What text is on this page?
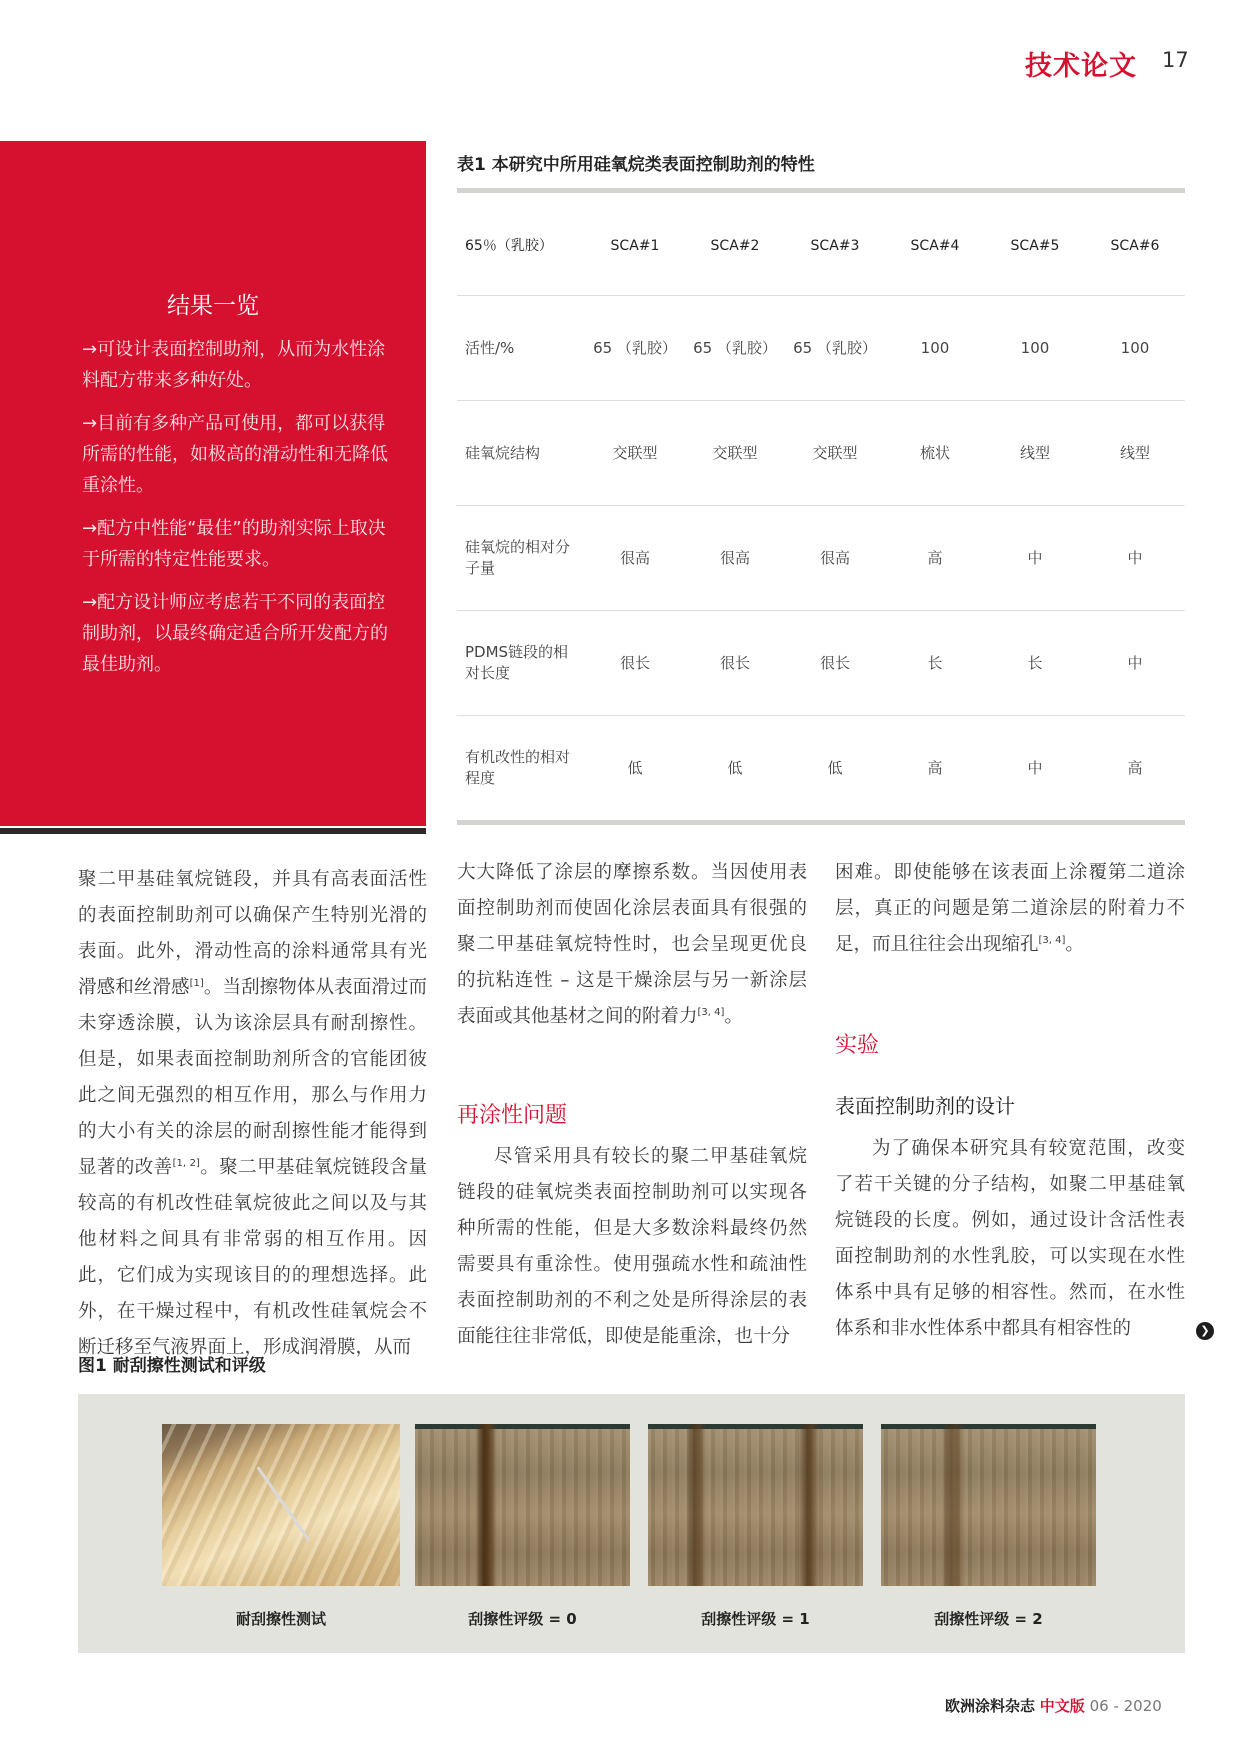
技术论文 17
结果一览
→可设计表面控制助剂，从而为水性涂料配方带来多种好处。
→目前有多种产品可使用，都可以获得所需的性能，如极高的滑动性和无降低重涂性。
→配方中性能“最佳”的助剂实际上取决于所需的特定性能要求。
→配方设计师应考虑若干不同的表面控制助剂，以最终确定适合所开发配方的最佳助剂。
表1 本研究中所用硅氧烷类表面控制助剂的特性
65％（乳胶）	SCA#1	SCA#2	SCA#3	SCA#4	SCA#5	SCA#6
活性/%	65 （乳胶）	65 （乳胶）	65 （乳胶）	100	100	100
硅氧烷结构	交联型	交联型	交联型	梳状	线型	线型
硅氧烷的相对分子量	很高	很高	很高	高	中	中
PDMS链段的相对长度	很长	很长	很长	长	长	中
有机改性的相对程度	低	低	低	高	中	高

聚二甲基硅氧烷链段，并具有高表面活性的表面控制助剂可以确保产生特别光滑的表面。此外，滑动性高的涂料通常具有光滑感和丝滑感[1]。当刮擦物体从表面滑过而未穿透涂膜，认为该涂层具有耐刮擦性。但是，如果表面控制助剂所含的官能团彼此之间无强烈的相互作用，那么与作用力的大小有关的涂层的耐刮擦性能才能得到显著的改善[1, 2]。聚二甲基硅氧烷链段含量较高的有机改性硅氧烷彼此之间以及与其他材料之间具有非常弱的相互作用。因此，它们成为实现该目的的理想选择。此外，在干燥过程中，有机改性硅氧烷会不断迁移至气液界面上，形成润滑膜，从而

大大降低了涂层的摩擦系数。当因使用表面控制助剂而使固化涂层表面具有很强的聚二甲基硅氧烷特性时，也会呈现更优良的抗粘连性 – 这是干燥涂层与另一新涂层表面或其他基材之间的附着力[3, 4]。

再涂性问题

尽管采用具有较长的聚二甲基硅氧烷链段的硅氧烷类表面控制助剂可以实现各种所需的性能，但是大多数涂料最终仍然需要具有重涂性。使用强疏水性和疏油性表面控制助剂的不利之处是所得涂层的表面能往往非常低，即使是能重涂，也十分

困难。即使能够在该表面上涂覆第二道涂层，真正的问题是第二道涂层的附着力不足，而且往往会出现缩孔[3, 4]。

实验
表面控制助剂的设计

为了确保本研究具有较宽范围，改变了若干关键的分子结构，如聚二甲基硅氧烷链段的长度。例如，通过设计含活性表面控制助剂的水性乳胶，可以实现在水性体系中具有足够的相容性。然而，在水性体系和非水性体系中都具有相容性的	❯
图1 耐刮擦性测试和评级
耐刮擦性测试	刮擦性评级 = 0	刮擦性评级 = 1	刮擦性评级 = 2
欧洲涂料杂志 中文版 06 - 2020
